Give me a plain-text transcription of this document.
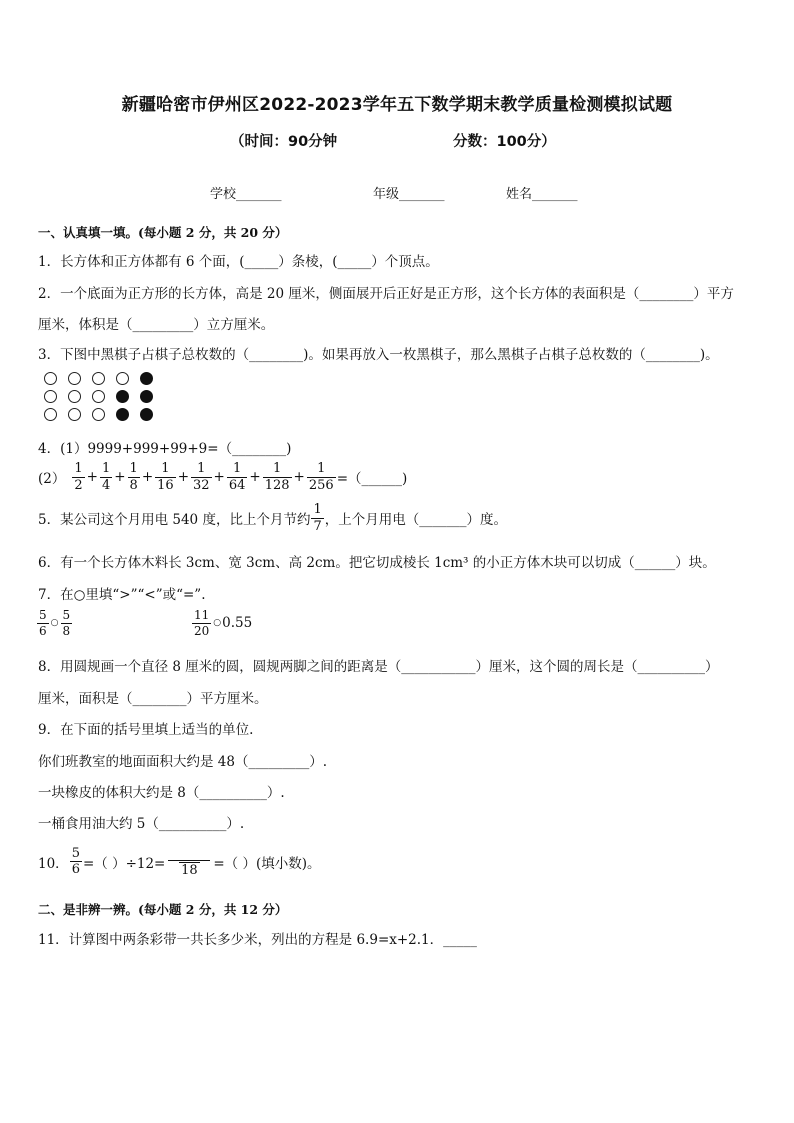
新疆哈密市伊州区2022-2023学年五下数学期末教学质量检测模拟试题
（时间：90分钟	分数：100分）
学校_______	年级_______	姓名_______
一、认真填一填。(每小题 2 分，共 20 分）
1．长方体和正方体都有 6 个面，(_____）条棱，(_____）个顶点。
2．一个底面为正方形的长方体，高是 20 厘米，侧面展开后正好是正方形，这个长方体的表面积是（________）平方
厘米，体积是（_________）立方厘米。
3．下图中黑棋子占棋子总枚数的（________)。如果再放入一枚黑棋子，那么黑棋子占棋子总枚数的（________)。
4．(1）9999+999+99+9=（________)
$(2) \frac{1}{2} + \frac{1}{4} + \frac{1}{8} + \frac{1}{16} + \frac{1}{32} + \frac{1}{64} + \frac{1}{128} + \frac{1}{256}$ =（______)
5．某公司这个月用电 540 度，比上个月节约 $\frac{1}{7}$ ，上个月用电（_______）度。
6．有一个长方体木料长 3cm、宽 3cm、高 2cm。把它切成棱长 1cm³ 的小正方体木块可以切成（______）块。
7．在○里填“>”“<”或“=”.
$\frac{5}{6}$ ○ $\frac{5}{8}$	$\frac{11}{20}$ ○ 0.55
8．用圆规画一个直径 8 厘米的圆，圆规两脚之间的距离是（___________）厘米，这个圆的周长是（__________）
厘米，面积是（________）平方厘米。
9．在下面的括号里填上适当的单位.
你们班教室的地面面积大约是 48（_________）.
一块橡皮的体积大约是 8（__________）.
一桶食用油大约 5（__________）.
10． $\frac{5}{6}$ =（ ）÷12= 18 =（ ）(填小数)。
二、是非辨一辨。(每小题 2 分，共 12 分）
11．计算图中两条彩带一共长多少米，列出的方程是 6.9=x+2.1．_____
